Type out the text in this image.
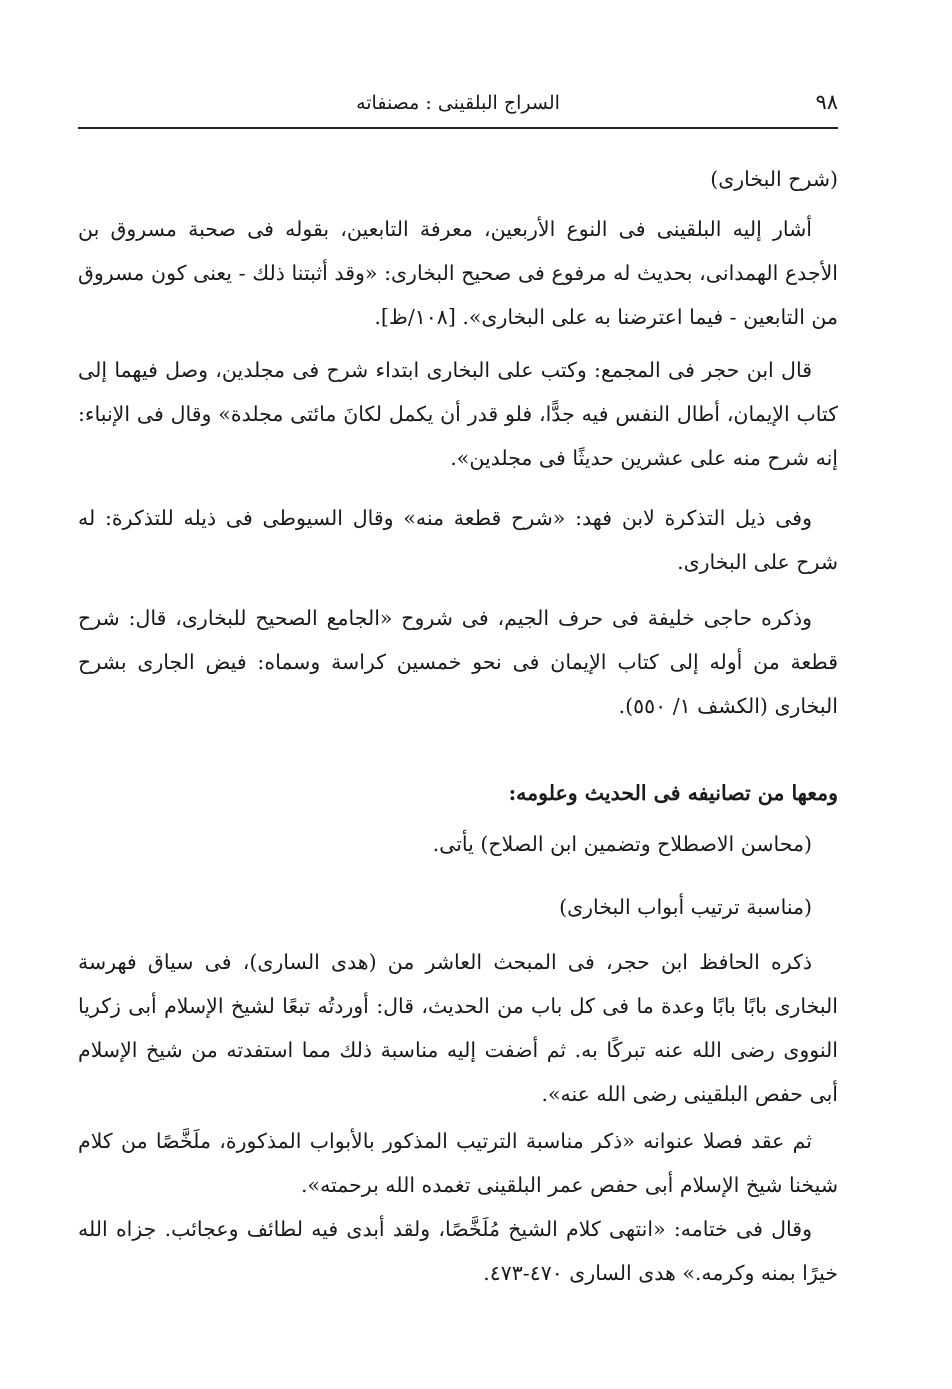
٩٨
السراج البلقينى : مصنفاته
(شرح البخارى)
أشار إليه البلقينى فى النوع الأربعين، معرفة التابعين، بقوله فى صحبة مسروق بن الأجدع الهمدانى، بحديث له مرفوع فى صحيح البخارى: «وقد أثبتنا ذلك - يعنى كون مسروق من التابعين - فيما اعترضنا به على البخارى». [١٠٨/ظ].
قال ابن حجر فى المجمع: وكتب على البخارى ابتداء شرح فى مجلدين، وصل فيهما إلى كتاب الإيمان، أطال النفس فيه جدًّا، فلو قدر أن يكمل لكانَ مائتى مجلدة» وقال فى الإنباء: إنه شرح منه على عشرين حديثًا فى مجلدين».
وفى ذيل التذكرة لابن فهد: «شرح قطعة منه» وقال السيوطى فى ذيله للتذكرة: له شرح على البخارى.
وذكره حاجى خليفة فى حرف الجيم، فى شروح «الجامع الصحيح للبخارى، قال: شرح قطعة من أوله إلى كتاب الإيمان فى نحو خمسين كراسة وسماه: فيض الجارى بشرح البخارى (الكشف ١/ ٥٥٠).
ومعها من تصانيفه فى الحديث وعلومه:
(محاسن الاصطلاح وتضمين ابن الصلاح) يأتى.
(مناسبة ترتيب أبواب البخارى)
ذكره الحافظ ابن حجر، فى المبحث العاشر من (هدى السارى)، فى سياق فهرسة البخارى بابًا بابًا وعدة ما فى كل باب من الحديث، قال: أوردتُه تبعًا لشيخ الإسلام أبى زكريا النووى رضى الله عنه تبركًا به. ثم أضفت إليه مناسبة ذلك مما استفدته من شيخ الإسلام أبى حفص البلقينى رضى الله عنه».
ثم عقد فصلا عنوانه «ذكر مناسبة الترتيب المذكور بالأبواب المذكورة، ملَخَّصًا من كلام شيخنا شيخ الإسلام أبى حفص عمر البلقينى تغمده الله برحمته».
وقال فى ختامه: «انتهى كلام الشيخ مُلَخَّصًا، ولقد أبدى فيه لطائف وعجائب. جزاه الله خيرًا بمنه وكرمه.» هدى السارى ٤٧٠-٤٧٣.
